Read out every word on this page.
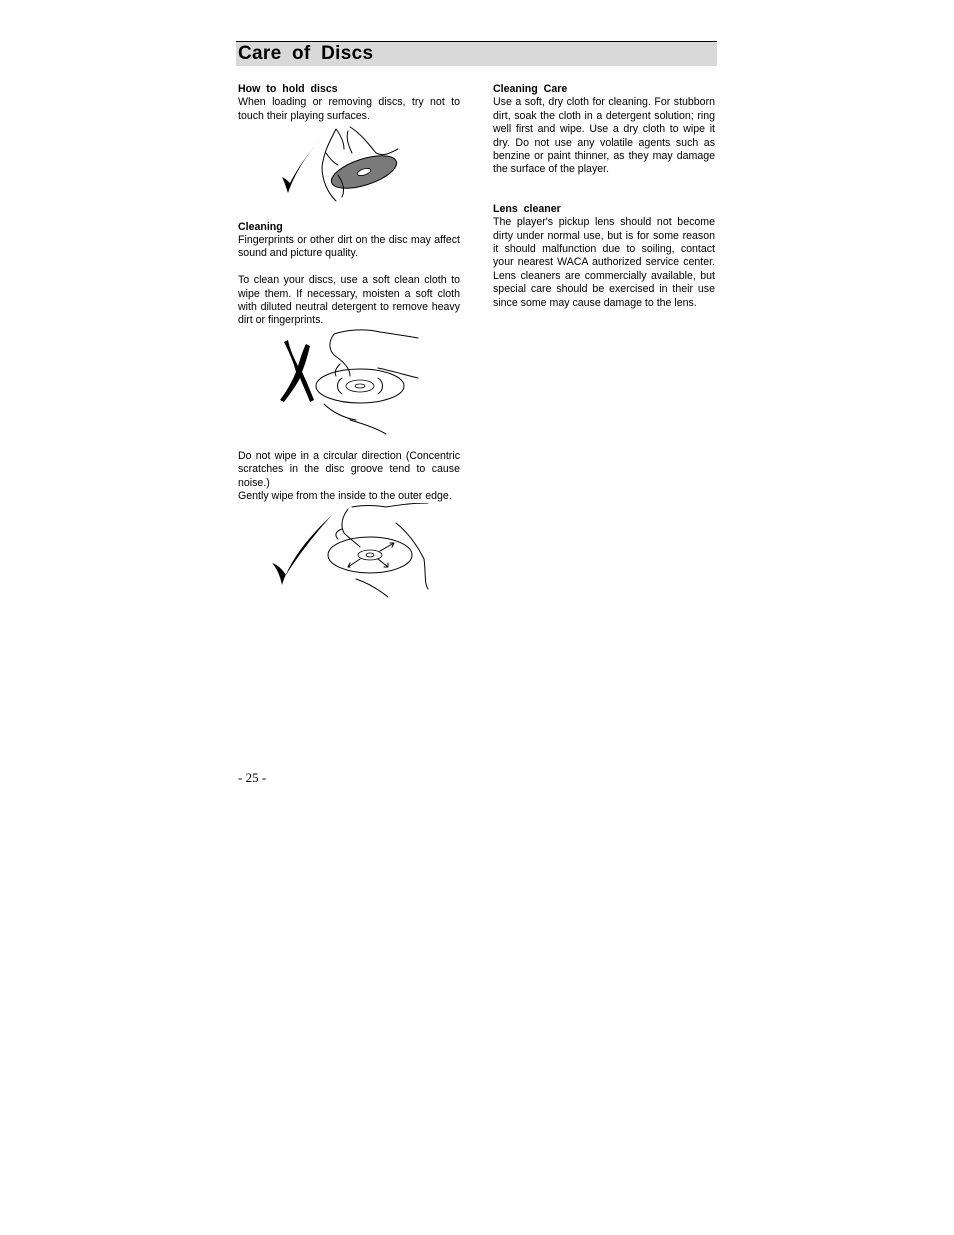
Care of Discs

How to hold discs

When loading or removing discs, try not to touch their playing surfaces.

Cleaning

Fingerprints or other dirt on the disc may affect sound and picture quality.

To clean your discs, use a soft clean cloth to wipe them. If necessary, moisten a soft cloth with diluted neutral detergent to remove heavy dirt or fingerprints.

Do not wipe in a circular direction (Concentric scratches in the disc groove tend to cause noise.)

Gently wipe from the inside to the outer edge.

Cleaning Care

Use a soft, dry cloth for cleaning. For stubborn dirt, soak the cloth in a detergent solution; ring well first and wipe. Use a dry cloth to wipe it dry. Do not use any volatile agents such as benzine or paint thinner, as they may damage the surface of the player.

Lens cleaner

The player's pickup lens should not become dirty under normal use, but is for some reason it should malfunction due to soiling, contact your nearest WACA authorized service center. Lens cleaners are commercially available, but special care should be exercised in their use since some may cause damage to the lens.

- 25 -
